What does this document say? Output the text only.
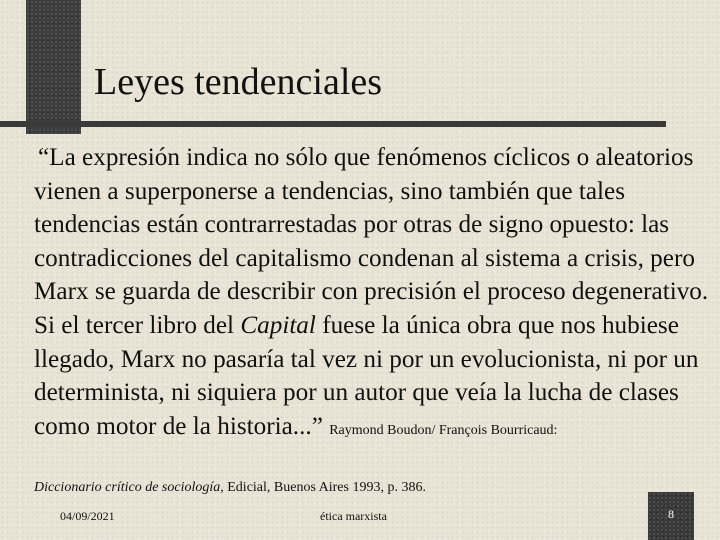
Leyes tendenciales

“La expresión indica no sólo que fenómenos cíclicos o aleatorios vienen a superponerse a tendencias, sino también que tales tendencias están contrarrestadas por otras de signo opuesto: las contradicciones del capitalismo condenan al sistema a crisis, pero Marx se guarda de describir con precisión el proceso degenerativo. Si el tercer libro del Capital fuese la única obra que nos hubiese llegado, Marx no pasaría tal vez ni por un evolucionista, ni por un determinista, ni siquiera por un autor que veía la lucha de clases como motor de la historia...” Raymond Boudon/ François Bourricaud:

Diccionario crítico de sociología, Edicial, Buenos Aires 1993, p. 386.

04/09/2021	ética marxista	8
